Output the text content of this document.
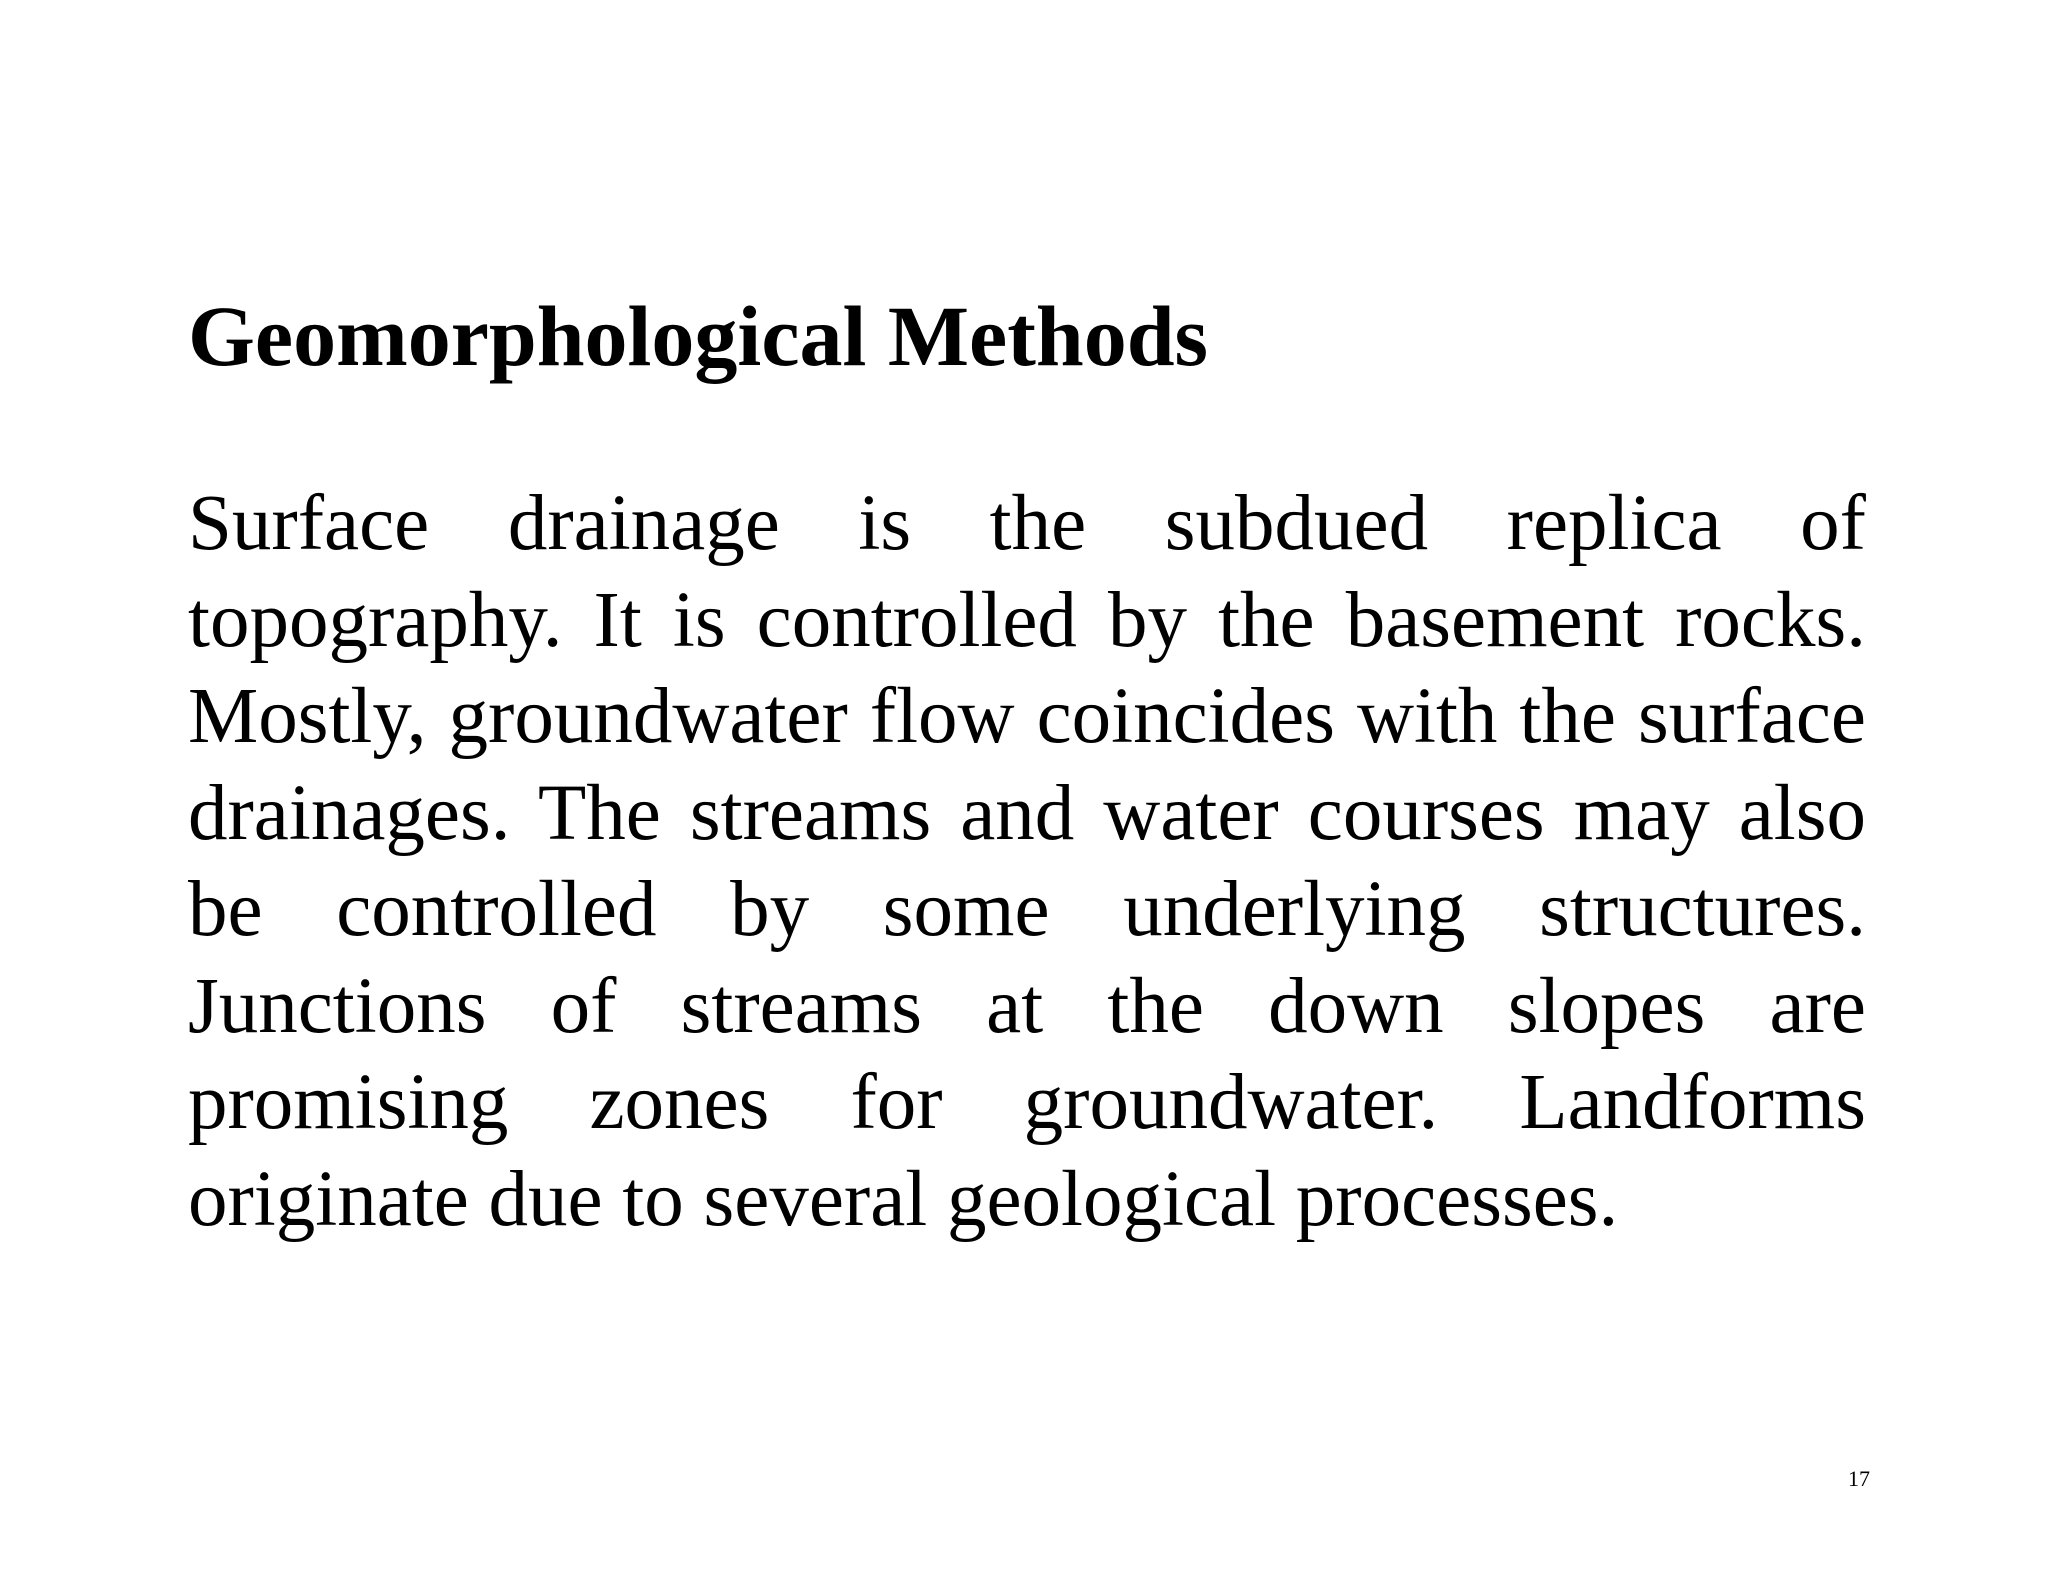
Geomorphological Methods

Surface drainage is the subdued replica of topography. It is controlled by the basement rocks. Mostly, groundwater flow coincides with the surface drainages. The streams and water courses may also be controlled by some underlying structures. Junctions of streams at the down slopes are promising zones for groundwater. Landforms originate due to several geological processes.

17
